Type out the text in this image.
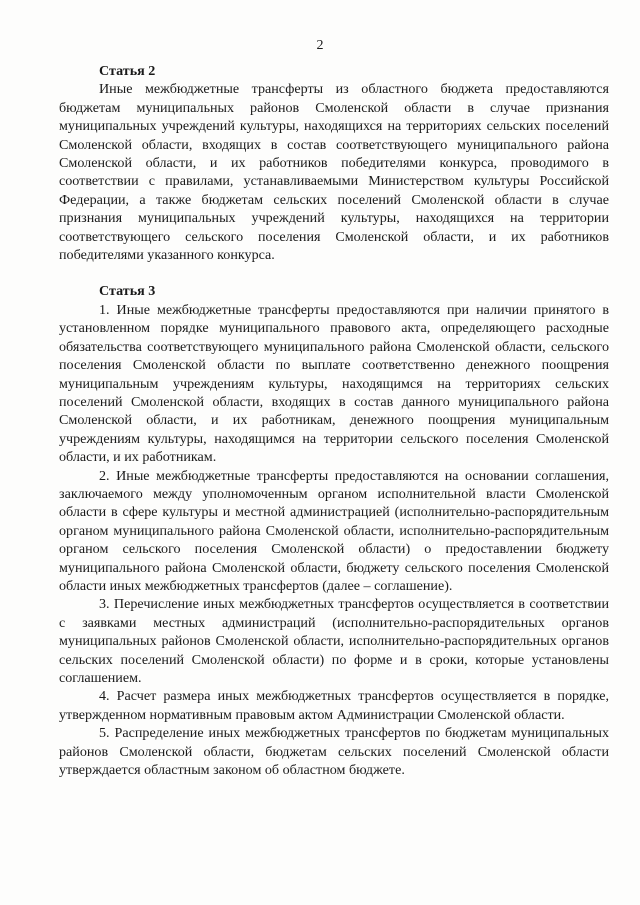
2
Статья 2

Иные межбюджетные трансферты из областного бюджета предоставляются бюджетам муниципальных районов Смоленской области в случае признания муниципальных учреждений культуры, находящихся на территориях сельских поселений Смоленской области, входящих в состав соответствующего муниципального района Смоленской области, и их работников победителями конкурса, проводимого в соответствии с правилами, устанавливаемыми Министерством культуры Российской Федерации, а также бюджетам сельских поселений Смоленской области в случае признания муниципальных учреждений культуры, находящихся на территории соответствующего сельского поселения Смоленской области, и их работников победителями указанного конкурса.

Статья 3

1. Иные межбюджетные трансферты предоставляются при наличии принятого в установленном порядке муниципального правового акта, определяющего расходные обязательства соответствующего муниципального района Смоленской области, сельского поселения Смоленской области по выплате соответственно денежного поощрения муниципальным учреждениям культуры, находящимся на территориях сельских поселений Смоленской области, входящих в состав данного муниципального района Смоленской области, и их работникам, денежного поощрения муниципальным учреждениям культуры, находящимся на территории сельского поселения Смоленской области, и их работникам.

2. Иные межбюджетные трансферты предоставляются на основании соглашения, заключаемого между уполномоченным органом исполнительной власти Смоленской области в сфере культуры и местной администрацией (исполнительно-распорядительным органом муниципального района Смоленской области, исполнительно-распорядительным органом сельского поселения Смоленской области) о предоставлении бюджету муниципального района Смоленской области, бюджету сельского поселения Смоленской области иных межбюджетных трансфертов (далее – соглашение).

3. Перечисление иных межбюджетных трансфертов осуществляется в соответствии с заявками местных администраций (исполнительно-распорядительных органов муниципальных районов Смоленской области, исполнительно-распорядительных органов сельских поселений Смоленской области) по форме и в сроки, которые установлены соглашением.

4. Расчет размера иных межбюджетных трансфертов осуществляется в порядке, утвержденном нормативным правовым актом Администрации Смоленской области.

5. Распределение иных межбюджетных трансфертов по бюджетам муниципальных районов Смоленской области, бюджетам сельских поселений Смоленской области утверждается областным законом об областном бюджете.
